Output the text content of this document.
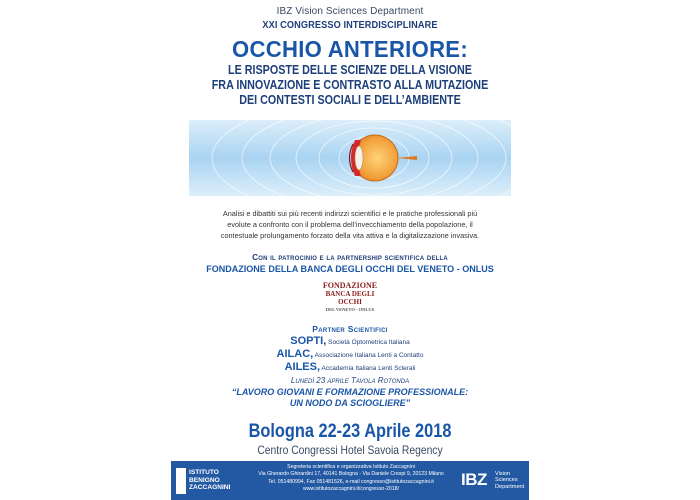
IBZ Vision Sciences Department
XXI CONGRESSO INTERDISCIPLINARE
OCCHIO ANTERIORE:
LE RISPOSTE DELLE SCIENZE DELLA VISIONE
FRA INNOVAZIONE E CONTRASTO ALLA MUTAZIONE
DEI CONTESTI SOCIALI E DELL’AMBIENTE
Analisi e dibattiti sui più recenti indirizzi scientifici e le pratiche professionali più
evolute a confronto con il problema dell’invecchiamento della popolazione, il
contestuale prolungamento forzato della vita attiva e la digitalizzazione invasiva.
Con il patrocinio e la partnership scientifica della
FONDAZIONE DELLA BANCA DEGLI OCCHI DEL VENETO - ONLUS
FONDAZIONE
BANCA DEGLI OCCHI
DEL VENETO - ONLUS
Partner Scientifici
SOPTI, Società Optometrica Italiana
AILAC, Associazione Italiana Lenti a Contatto
AILES, Accademia Italiana Lenti Sclerali
Lunedì 23 aprile Tavola Rotonda
“LAVORO GIOVANI E FORMAZIONE PROFESSIONALE:
UN NODO DA SCIOGLIERE”
Bologna 22-23 Aprile 2018
Centro Congressi Hotel Savoia Regency
ISTITUTO
BENIGNO
ZACCAGNINI
Segreteria scientifica e organizzativa Istituto Zaccagnini
Via Gherardo Ghirardini 17, 40141 Bologna - Via Daniele Crespi 9, 20123 Milano
Tel. 051480994, Fax 051481526, e-mail congresso@istitutozaccagnini.it
www.istitutozaccagnini.it/congresso-2018/	IBZ Vision
Sciences
Department
